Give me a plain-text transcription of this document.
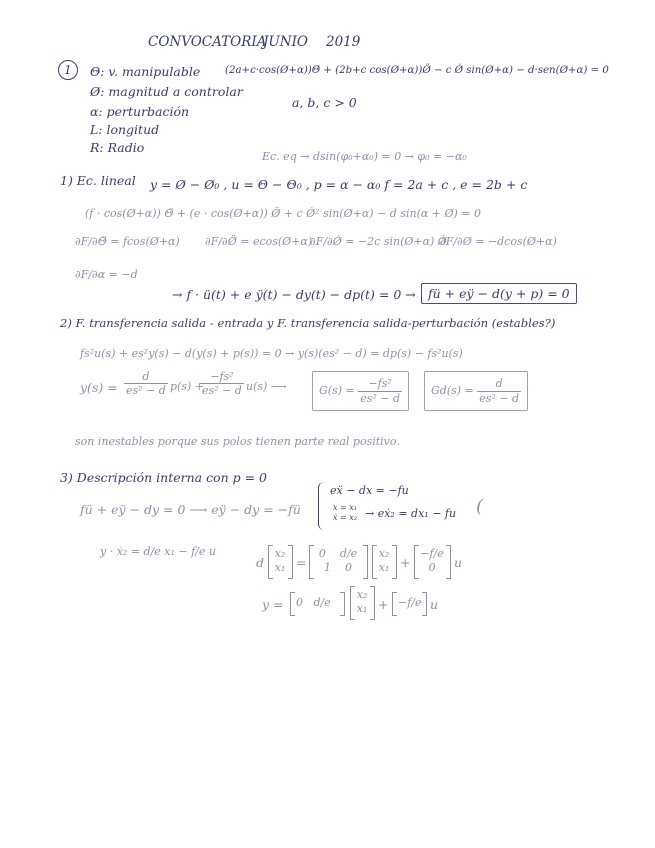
CONVOCATORIA
JUNIO 2019
1	Θ: v. manipulable
Ø: magnitud a controlar
α: perturbación
L: longitud
R: Radio
(2a+c·cos(Ø+α))Θ̈ + (2b+c cos(Ø+α))Ø̈ − c Ø̇ sin(Ø+α) − d·sen(Ø+α) = 0
a, b, c > 0
Ec. eq → dsin(φ₀+α₀) = 0 → φ₀ = −α₀
1) Ec. lineal y = Ø − Ø₀ , u = Θ − Θ₀ , p = α − α₀ f = 2a + c , e = 2b + c
(f · cos(Ø+α)) Θ̈ + (e · cos(Ø+α)) Ø̈ + c Ø̇² sin(Ø+α) − d sin(α + Ø) = 0
∂F/∂Θ̈ = fcos(Ø+α) ∂F/∂Ø̈ = ecos(Ø+α)
∂F/∂Ø̇ = −2c sin(Ø+α) Ø̇
∂F/∂Ø = −dcos(Ø+α)
∂F/∂α = −d
→ f · ü(t) + e ÿ(t) − dy(t) − dp(t) = 0 → fü + eÿ − d(y + p) = 0
2) F. transferencia salida - entrada y F. transferencia salida-perturbación (estables?)
fs²u(s) + es²y(s) − d(y(s) + p(s)) = 0 → y(s)(es² − d) = dp(s) − fs²u(s)
$y(s) = \frac{d}{\text{es² − d}} p(s)$ +
$\frac{\text{−fs²}}{\text{es² − d}} u(s)$ ⟶	$G(s) = \frac{\text{−fs²}}{\text{es² − d}}$	$Gd(s) = \frac{d}{\text{es² − d}}$
son inestables porque sus polos tienen parte real positivo.
3) Descripción interna con p = 0
fü + eÿ − dy = 0 ⟶ eÿ − dy = −fü
eẍ − dx = −fu
x = x₁
ẋ = x₂ → eẋ₂ = dx₁ − fu (
y · ẋ₂ = d/e x₁ − f/e u
d
x₂
x₁ =
0    d/e
1    0
x₂
x₁ +
−f/e
0	u
y = 0   d/e
x₂
x₁ + −f/e u
